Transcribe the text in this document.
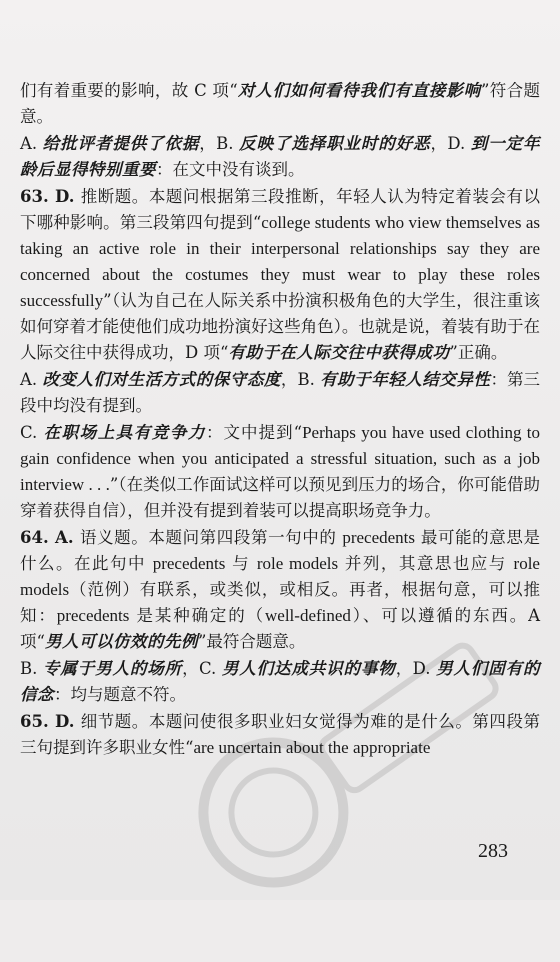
们有着重要的影响，故 C 项“对人们如何看待我们有直接影响”符合题意。

A. 给批评者提供了依据，B. 反映了选择职业时的好恶，D. 到一定年龄后显得特别重要：在文中没有谈到。

63. D. 推断题。本题问根据第三段推断，年轻人认为特定着装会有以下哪种影响。第三段第四句提到“college students who view themselves as taking an active role in their interpersonal relationships say they are concerned about the costumes they must wear to play these roles successfully”（认为自己在人际关系中扮演积极角色的大学生，很注重该如何穿着才能使他们成功地扮演好这些角色）。也就是说，着装有助于在人际交往中获得成功，D 项“有助于在人际交往中获得成功”正确。

A. 改变人们对生活方式的保守态度，B. 有助于年轻人结交异性：第三段中均没有提到。

C. 在职场上具有竞争力：文中提到“Perhaps you have used clothing to gain confidence when you anticipated a stressful situation, such as a job interview . . .”（在类似工作面试这样可以预见到压力的场合，你可能借助穿着获得自信），但并没有提到着装可以提高职场竞争力。

64. A. 语义题。本题问第四段第一句中的 precedents 最可能的意思是什么。在此句中 precedents 与 role models 并列，其意思也应与 role models（范例）有联系，或类似，或相反。再者，根据句意，可以推知：precedents 是某种确定的（well-defined）、可以遵循的东西。A 项“男人可以仿效的先例”最符合题意。

B. 专属于男人的场所，C. 男人们达成共识的事物，D. 男人们固有的信念：均与题意不符。

65. D. 细节题。本题问使很多职业妇女觉得为难的是什么。第四段第三句提到许多职业女性“are uncertain about the appropriate

283
